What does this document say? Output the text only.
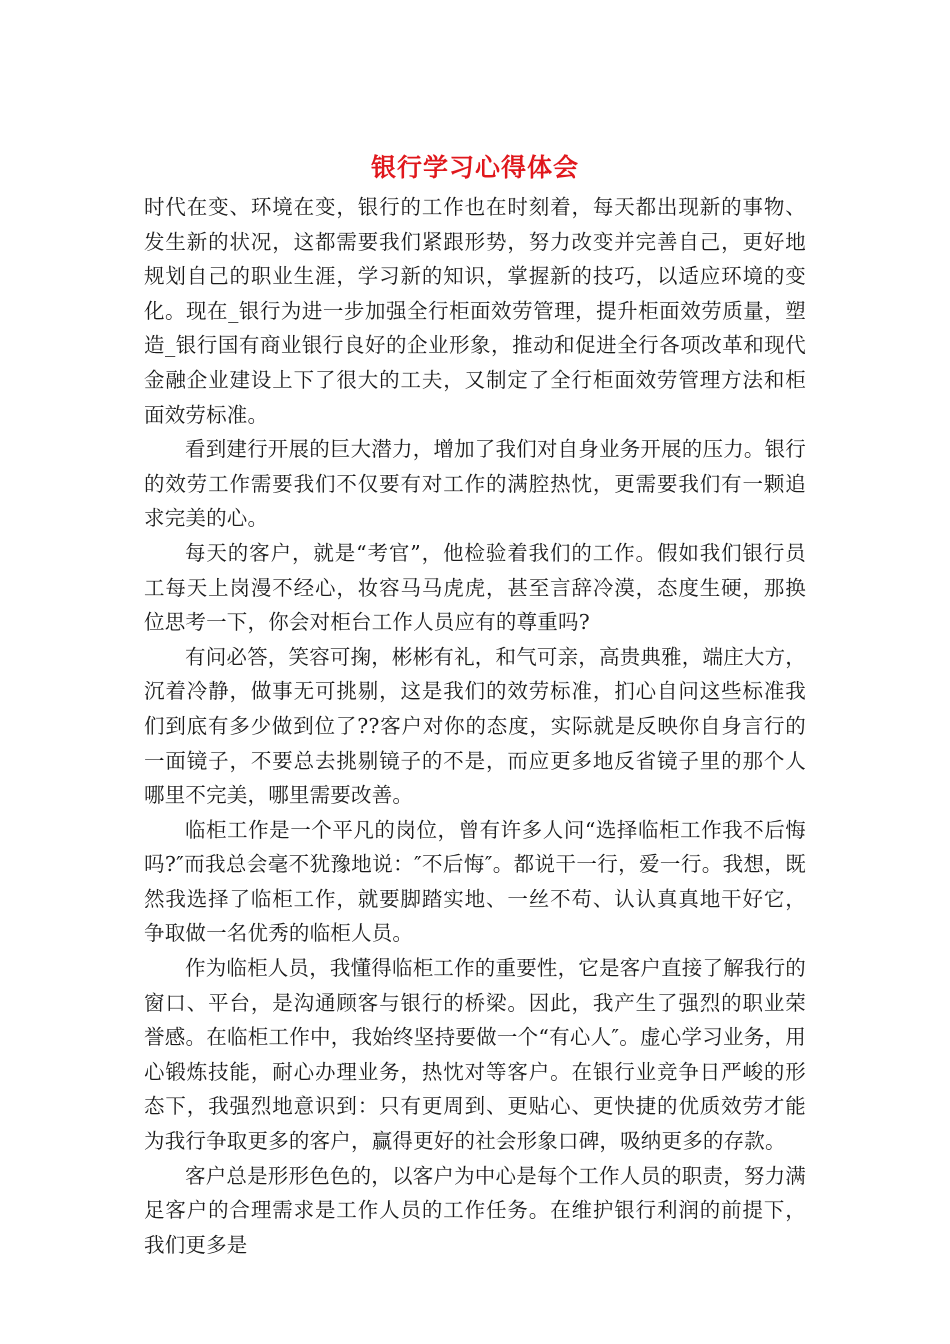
银行学习心得体会

时代在变、环境在变，银行的工作也在时刻着，每天都出现新的事物、发生新的状况，这都需要我们紧跟形势，努力改变并完善自己，更好地规划自己的职业生涯，学习新的知识，掌握新的技巧，以适应环境的变化。现在_银行为进一步加强全行柜面效劳管理，提升柜面效劳质量，塑造_银行国有商业银行良好的企业形象，推动和促进全行各项改革和现代金融企业建设上下了很大的工夫，又制定了全行柜面效劳管理方法和柜面效劳标准。

看到建行开展的巨大潜力，增加了我们对自身业务开展的压力。银行的效劳工作需要我们不仅要有对工作的满腔热忱，更需要我们有一颗追求完美的心。

每天的客户，就是“考官”，他检验着我们的工作。假如我们银行员工每天上岗漫不经心，妆容马马虎虎，甚至言辞冷漠，态度生硬，那换位思考一下，你会对柜台工作人员应有的尊重吗?

有问必答，笑容可掬，彬彬有礼，和气可亲，高贵典雅，端庄大方，沉着冷静，做事无可挑剔，这是我们的效劳标准，扪心自问这些标准我们到底有多少做到位了??客户对你的态度，实际就是反映你自身言行的一面镜子，不要总去挑剔镜子的不是，而应更多地反省镜子里的那个人哪里不完美，哪里需要改善。

临柜工作是一个平凡的岗位，曾有许多人问“选择临柜工作我不后悔吗?″而我总会毫不犹豫地说：″不后悔″。都说干一行，爱一行。我想，既然我选择了临柜工作，就要脚踏实地、一丝不苟、认认真真地干好它，争取做一名优秀的临柜人员。

作为临柜人员，我懂得临柜工作的重要性，它是客户直接了解我行的窗口、平台，是沟通顾客与银行的桥梁。因此，我产生了强烈的职业荣誉感。在临柜工作中，我始终坚持要做一个“有心人″。虚心学习业务，用心锻炼技能，耐心办理业务，热忱对等客户。在银行业竞争日严峻的形态下，我强烈地意识到：只有更周到、更贴心、更快捷的优质效劳才能为我行争取更多的客户，赢得更好的社会形象口碑，吸纳更多的存款。

客户总是形形色色的，以客户为中心是每个工作人员的职责，努力满足客户的合理需求是工作人员的工作任务。在维护银行利润的前提下，我们更多是
